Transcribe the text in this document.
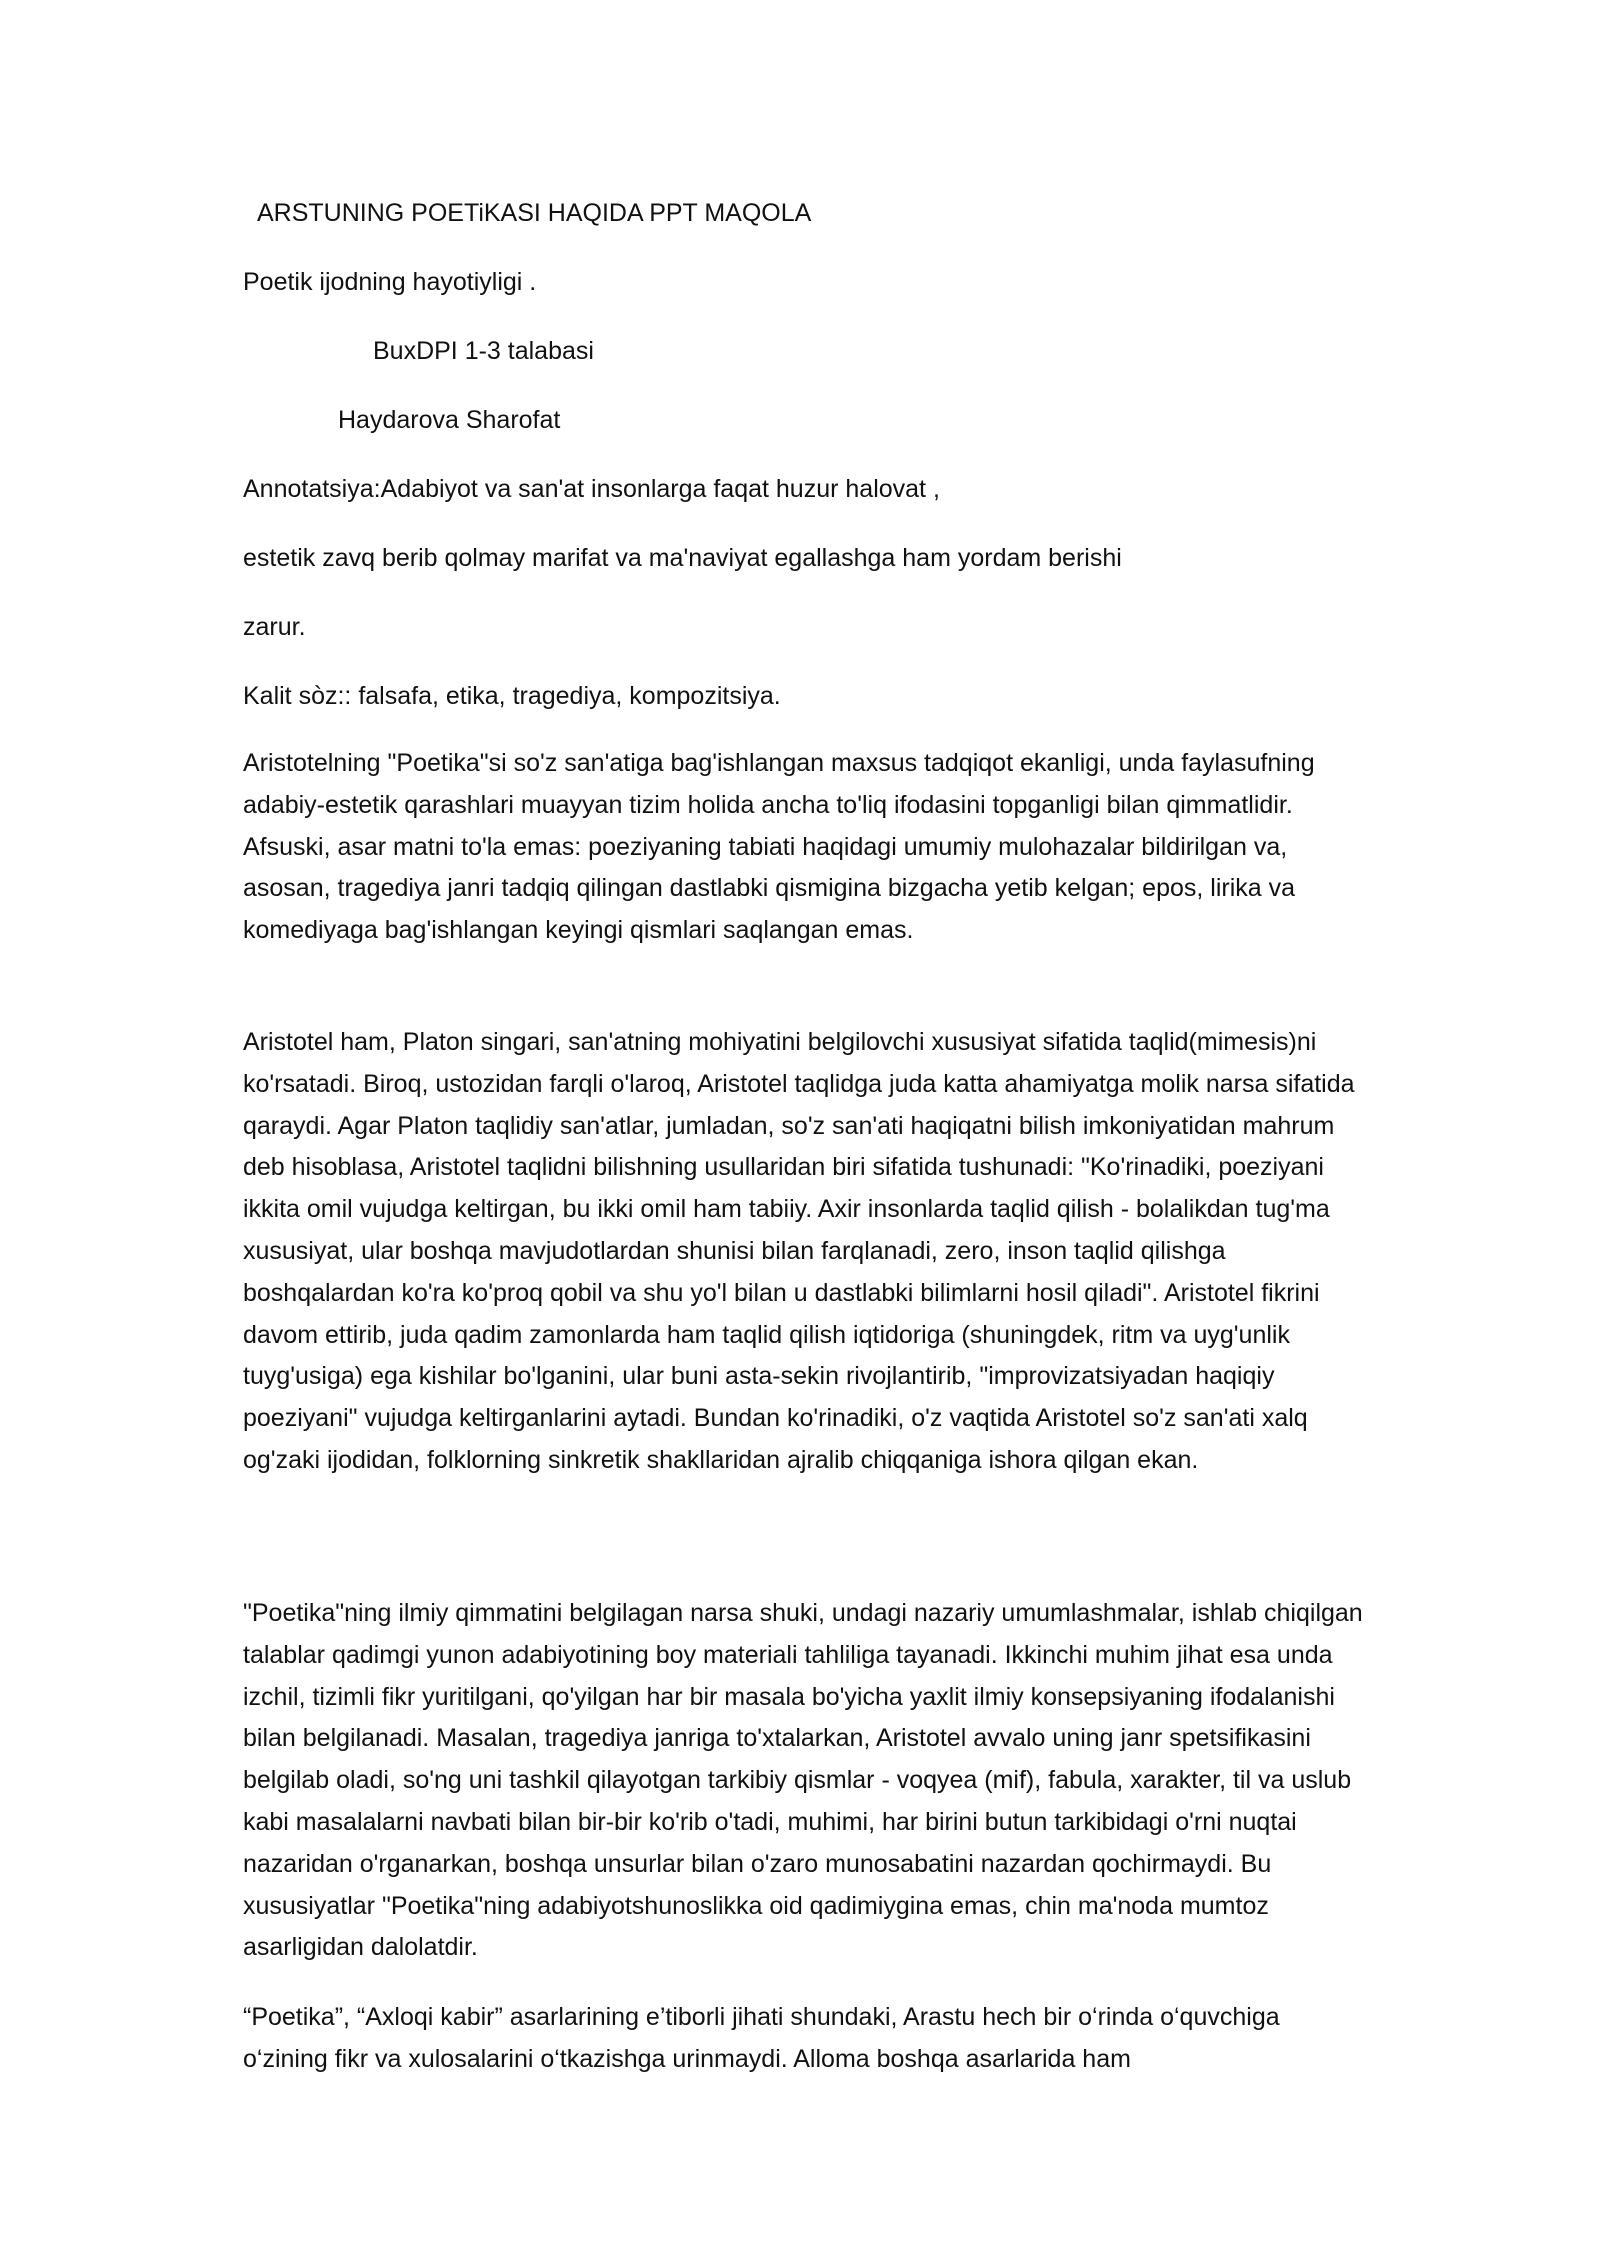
ARSTUNING POETiKASI HAQIDA PPT MAQOLA
Poetik ijodning hayotiyligi .
BuxDPI 1-3 talabasi
Haydarova Sharofat
Annotatsiya:Adabiyot va san'at insonlarga faqat huzur halovat ,
estetik zavq berib qolmay marifat va ma'naviyat egallashga ham yordam berishi
zarur.
Kalit sòz:: falsafa, etika, tragediya, kompozitsiya.

Aristotelning "Poetika"si so'z san'atiga bag'ishlangan maxsus tadqiqot ekanligi, unda faylasufning adabiy-estetik qarashlari muayyan tizim holida ancha to'liq ifodasini topganligi bilan qimmatlidir. Afsuski, asar matni to'la emas: poeziyaning tabiati haqidagi umumiy mulohazalar bildirilgan va, asosan, tragediya janri tadqiq qilingan dastlabki qismigina bizgacha yetib kelgan; epos, lirika va komediyaga bag'ishlangan keyingi qismlari saqlangan emas.

Aristotel ham, Platon singari, san'atning mohiyatini belgilovchi xususiyat sifatida taqlid(mimesis)ni ko'rsatadi. Biroq, ustozidan farqli o'laroq, Aristotel taqlidga juda katta ahamiyatga molik narsa sifatida qaraydi. Agar Platon taqlidiy san'atlar, jumladan, so'z san'ati haqiqatni bilish imkoniyatidan mahrum deb hisoblasa, Aristotel taqlidni bilishning usullaridan biri sifatida tushunadi: "Ko'rinadiki, poeziyani ikkita omil vujudga keltirgan, bu ikki omil ham tabiiy. Axir insonlarda taqlid qilish - bolalikdan tug'ma xususiyat, ular boshqa mavjudotlardan shunisi bilan farqlanadi, zero, inson taqlid qilishga boshqalardan ko'ra ko'proq qobil va shu yo'l bilan u dastlabki bilimlarni hosil qiladi". Aristotel fikrini davom ettirib, juda qadim zamonlarda ham taqlid qilish iqtidoriga (shuningdek, ritm va uyg'unlik tuyg'usiga) ega kishilar bo'lganini, ular buni asta-sekin rivojlantirib, "improvizatsiyadan haqiqiy poeziyani" vujudga keltirganlarini aytadi. Bundan ko'rinadiki, o'z vaqtida Aristotel so'z san'ati xalq og'zaki ijodidan, folklorning sinkretik shakllaridan ajralib chiqqaniga ishora qilgan ekan.

"Poetika"ning ilmiy qimmatini belgilagan narsa shuki, undagi nazariy umumlashmalar, ishlab chiqilgan talablar qadimgi yunon adabiyotining boy materiali tahliliga tayanadi. Ikkinchi muhim jihat esa unda izchil, tizimli fikr yuritilgani, qo'yilgan har bir masala bo'yicha yaxlit ilmiy konsepsiyaning ifodalanishi bilan belgilanadi. Masalan, tragediya janriga to'xtalarkan, Aristotel avvalo uning janr spetsifikasini belgilab oladi, so'ng uni tashkil qilayotgan tarkibiy qismlar - voqyea (mif), fabula, xarakter, til va uslub kabi masalalarni navbati bilan bir-bir ko'rib o'tadi, muhimi, har birini butun tarkibidagi o'rni nuqtai nazaridan o'rganarkan, boshqa unsurlar bilan o'zaro munosabatini nazardan qochirmaydi. Bu xususiyatlar "Poetika"ning adabiyotshunoslikka oid qadimiygina emas, chin ma'noda mumtoz asarligidan dalolatdir.

“Poetika”, “Axloqi kabir” asarlarining e’tiborli jihati shundaki, Arastu hech bir o‘rinda o‘quvchiga o‘zining fikr va xulosalarini o‘tkazishga urinmaydi. Alloma boshqa asarlarida ham
